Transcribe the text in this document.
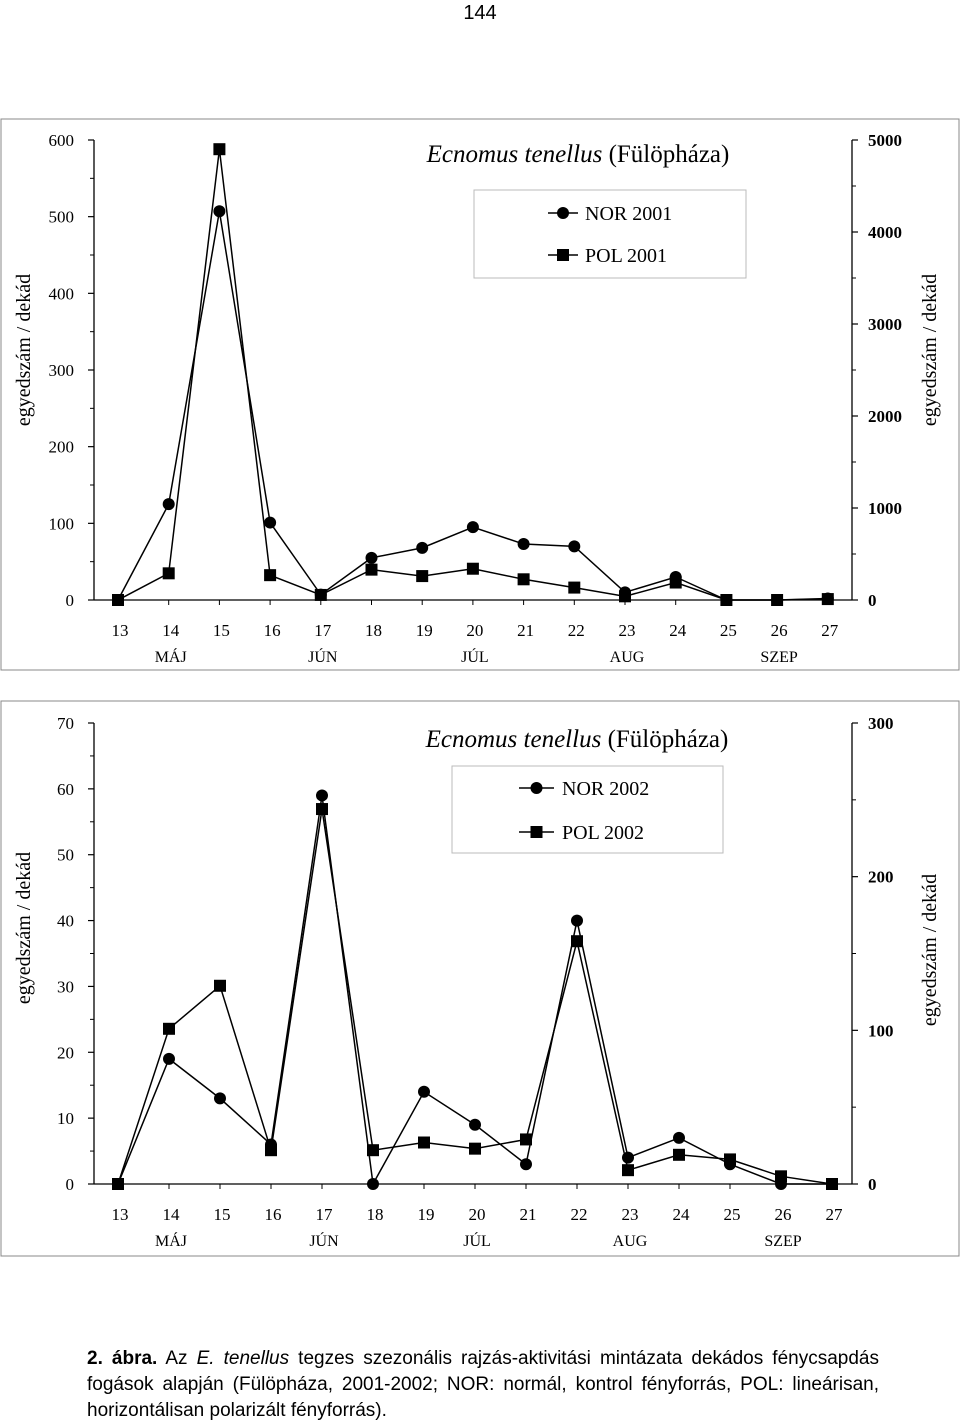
144
0
100
200
300
400
500
600
0
1000
2000
3000
4000
5000
13 14 15 16 17 18 19 20 21 22 23 24 25 26 27
MÁJ	JÚN	JÚL	AUG	SZEP
egyedszám / dekád	egyedszám / dekád
Ecnomus tenellus (Fülöpháza)
NOR 2001
POL 2001
0
10
20
30
40
50
60
70
0
100
200
300
13 14 15 16 17 18 19 20 21 22 23 24 25 26 27
MÁJ	JÚN	JÚL	AUG	SZEP
egyedszám / dekád	egyedszám / dekád
Ecnomus tenellus (Fülöpháza)
NOR 2002
POL 2002
2. ábra. Az E. tenellus tegzes szezonális rajzás-aktivitási mintázata dekádos fénycsapdás fogások alapján (Fülöpháza, 2001-2002; NOR: normál, kontrol fényforrás, POL: lineárisan, horizontálisan polarizált fényforrás).
